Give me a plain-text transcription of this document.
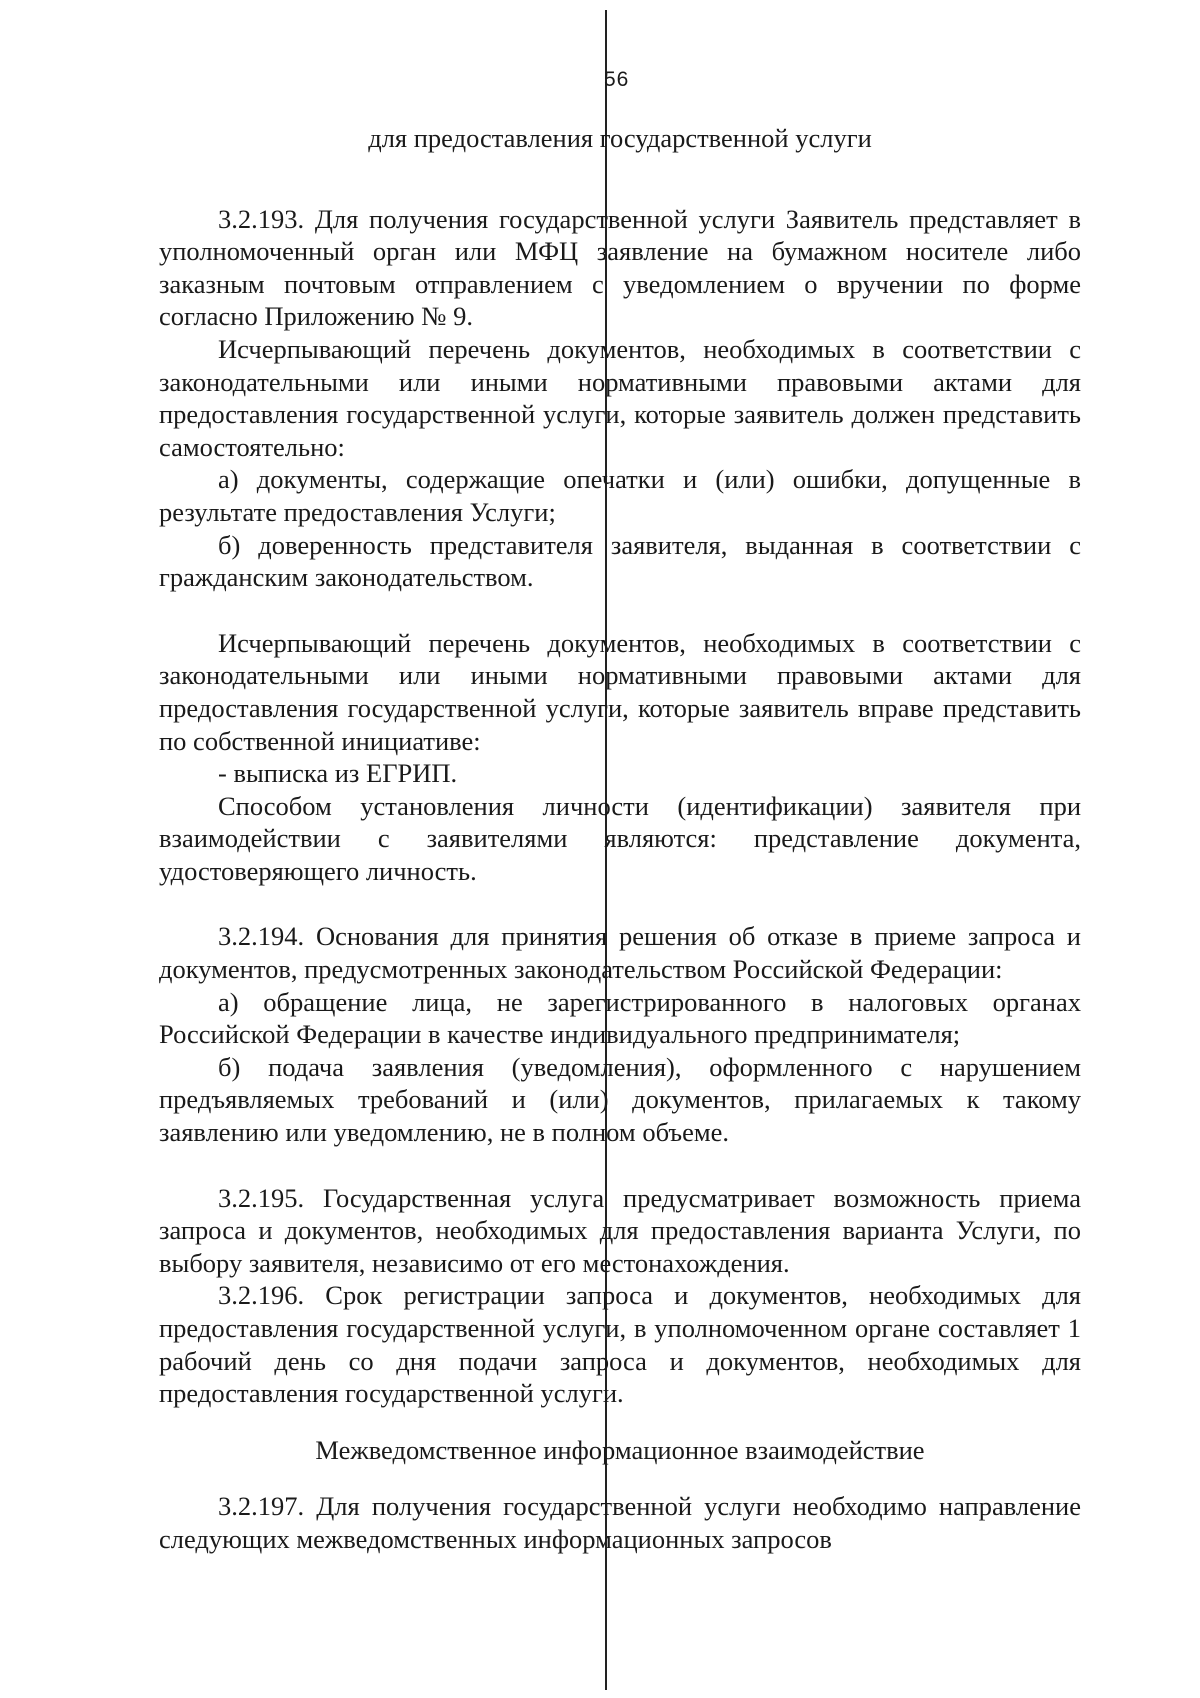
56

для предоставления государственной услуги

3.2.193. Для получения государственной услуги Заявитель представляет в уполномоченный орган или МФЦ заявление на бумажном носителе либо заказным почтовым отправлением с уведомлением о вручении по форме согласно Приложению № 9.

Исчерпывающий перечень документов, необходимых в соответствии с законодательными или иными нормативными правовыми актами для предоставления государственной услуги, которые заявитель должен представить самостоятельно:

а) документы, содержащие опечатки и (или) ошибки, допущенные в результате предоставления Услуги;

б) доверенность представителя заявителя, выданная в соответствии с гражданским законодательством.

Исчерпывающий перечень документов, необходимых в соответствии с законодательными или иными нормативными правовыми актами для предоставления государственной услуги, которые заявитель вправе представить по собственной инициативе:

- выписка из ЕГРИП.

Способом установления личности (идентификации) заявителя при взаимодействии с заявителями являются: представление документа, удостоверяющего личность.

3.2.194. Основания для принятия решения об отказе в приеме запроса и документов, предусмотренных законодательством Российской Федерации:

а) обращение лица, не зарегистрированного в налоговых органах Российской Федерации в качестве индивидуального предпринимателя;

б) подача заявления (уведомления), оформленного с нарушением предъявляемых требований и (или) документов, прилагаемых к такому заявлению или уведомлению, не в полном объеме.

3.2.195. Государственная услуга предусматривает возможность приема запроса и документов, необходимых для предоставления варианта Услуги, по выбору заявителя, независимо от его местонахождения.

3.2.196. Срок регистрации запроса и документов, необходимых для предоставления государственной услуги, в уполномоченном органе составляет 1 рабочий день со дня подачи запроса и документов, необходимых для предоставления государственной услуги.

Межведомственное информационное взаимодействие

3.2.197. Для получения государственной услуги необходимо направление следующих межведомственных информационных запросов
